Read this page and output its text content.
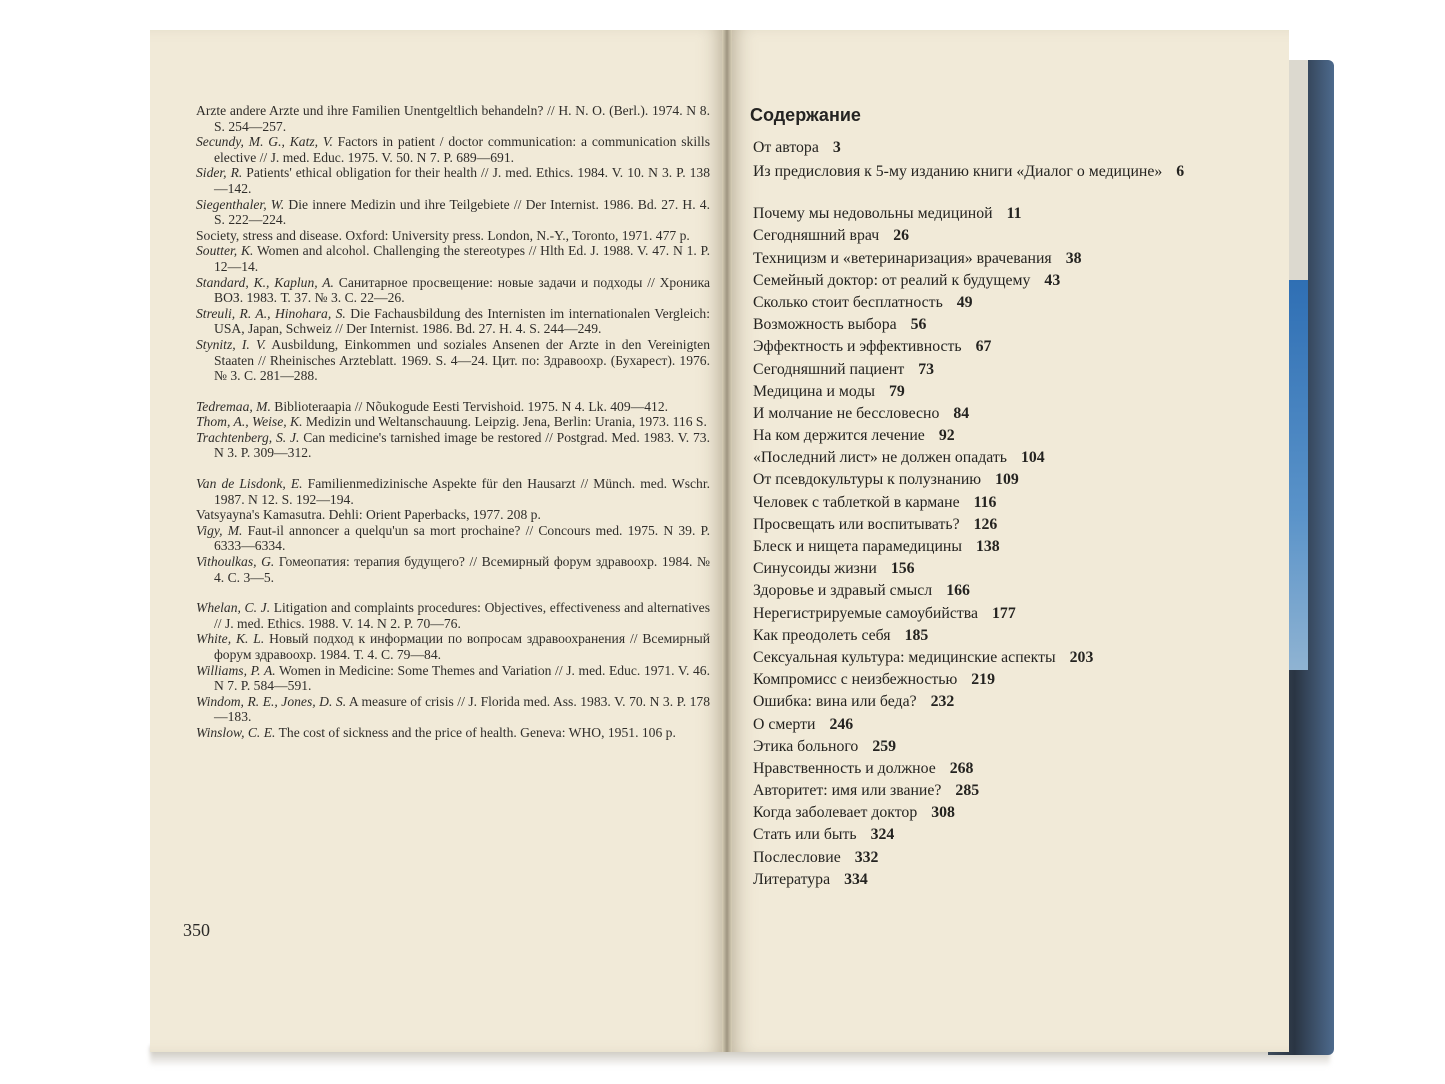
Arzte andere Arzte und ihre Familien Unentgeltlich behandeln? // H. N. O. (Berl.). 1974. N 8. S. 254—257.

Secundy, M. G., Katz, V. Factors in patient / doctor communication: a communication skills elective // J. med. Educ. 1975. V. 50. N 7. P. 689—691.

Sider, R. Patients' ethical obligation for their health // J. med. Ethics. 1984. V. 10. N 3. P. 138—142.

Siegenthaler, W. Die innere Medizin und ihre Teilgebiete // Der Internist. 1986. Bd. 27. H. 4. S. 222—224.

Society, stress and disease. Oxford: University press. London, N.-Y., Toronto, 1971. 477 p.

Soutter, K. Women and alcohol. Challenging the stereotypes // Hlth Ed. J. 1988. V. 47. N 1. P. 12—14.

Standard, K., Kaplun, A. Санитарное просвещение: новые задачи и подходы // Хроника ВОЗ. 1983. Т. 37. № 3. С. 22—26.

Streuli, R. A., Hinohara, S. Die Fachausbildung des Internisten im internationalen Vergleich: USA, Japan, Schweiz // Der Internist. 1986. Bd. 27. H. 4. S. 244—249.

Stynitz, I. V. Ausbildung, Einkommen und soziales Ansenen der Arzte in den Vereinigten Staaten // Rheinisches Arzteblatt. 1969. S. 4—24. Цит. по: Здравоохр. (Бухарест). 1976. № 3. С. 281—288.

Tedremaa, M. Biblioteraapia // Nõukogude Eesti Tervishoid. 1975. N 4. Lk. 409—412.

Thom, A., Weise, K. Medizin und Weltanschauung. Leipzig. Jena, Berlin: Urania, 1973. 116 S.

Trachtenberg, S. J. Can medicine's tarnished image be restored // Postgrad. Med. 1983. V. 73. N 3. P. 309—312.

Van de Lisdonk, E. Familienmedizinische Aspekte für den Hausarzt // Münch. med. Wschr. 1987. N 12. S. 192—194.

Vatsyayna's Kamasutra. Dehli: Orient Paperbacks, 1977. 208 p.

Vigy, M. Faut-il annoncer a quelqu'un sa mort prochaine? // Concours med. 1975. N 39. P. 6333—6334.

Vithoulkas, G. Гомеопатия: терапия будущего? // Всемирный форум здравоохр. 1984. № 4. С. 3—5.

Whelan, C. J. Litigation and complaints procedures: Objectives, effectiveness and alternatives // J. med. Ethics. 1988. V. 14. N 2. P. 70—76.

White, K. L. Новый подход к информации по вопросам здравоохранения // Всемирный форум здравоохр. 1984. Т. 4. С. 79—84.

Williams, P. A. Women in Medicine: Some Themes and Variation // J. med. Educ. 1971. V. 46. N 7. P. 584—591.

Windom, R. E., Jones, D. S. A measure of crisis // J. Florida med. Ass. 1983. V. 70. N 3. P. 178—183.

Winslow, C. E. The cost of sickness and the price of health. Geneva: WHO, 1951. 106 p.

350
Содержание
От автора 3
Из предисловия к 5-му изданию книги «Диалог о медицине» 6
Почему мы недовольны медициной 11
Сегодняшний врач 26
Техницизм и «ветеринаризация» врачевания 38
Семейный доктор: от реалий к будущему 43
Сколько стоит бесплатность 49
Возможность выбора 56
Эффектность и эффективность 67
Сегодняшний пациент 73
Медицина и моды 79
И молчание не бессловесно 84
На ком держится лечение 92
«Последний лист» не должен опадать 104
От псевдокультуры к полузнанию 109
Человек с таблеткой в кармане 116
Просвещать или воспитывать? 126
Блеск и нищета парамедицины 138
Синусоиды жизни 156
Здоровье и здравый смысл 166
Нерегистрируемые самоубийства 177
Как преодолеть себя 185
Сексуальная культура: медицинские аспекты 203
Компромисс с неизбежностью 219
Ошибка: вина или беда? 232
О смерти 246
Этика больного 259
Нравственность и должное 268
Авторитет: имя или звание? 285
Когда заболевает доктор 308
Стать или быть 324
Послесловие 332
Литература 334
